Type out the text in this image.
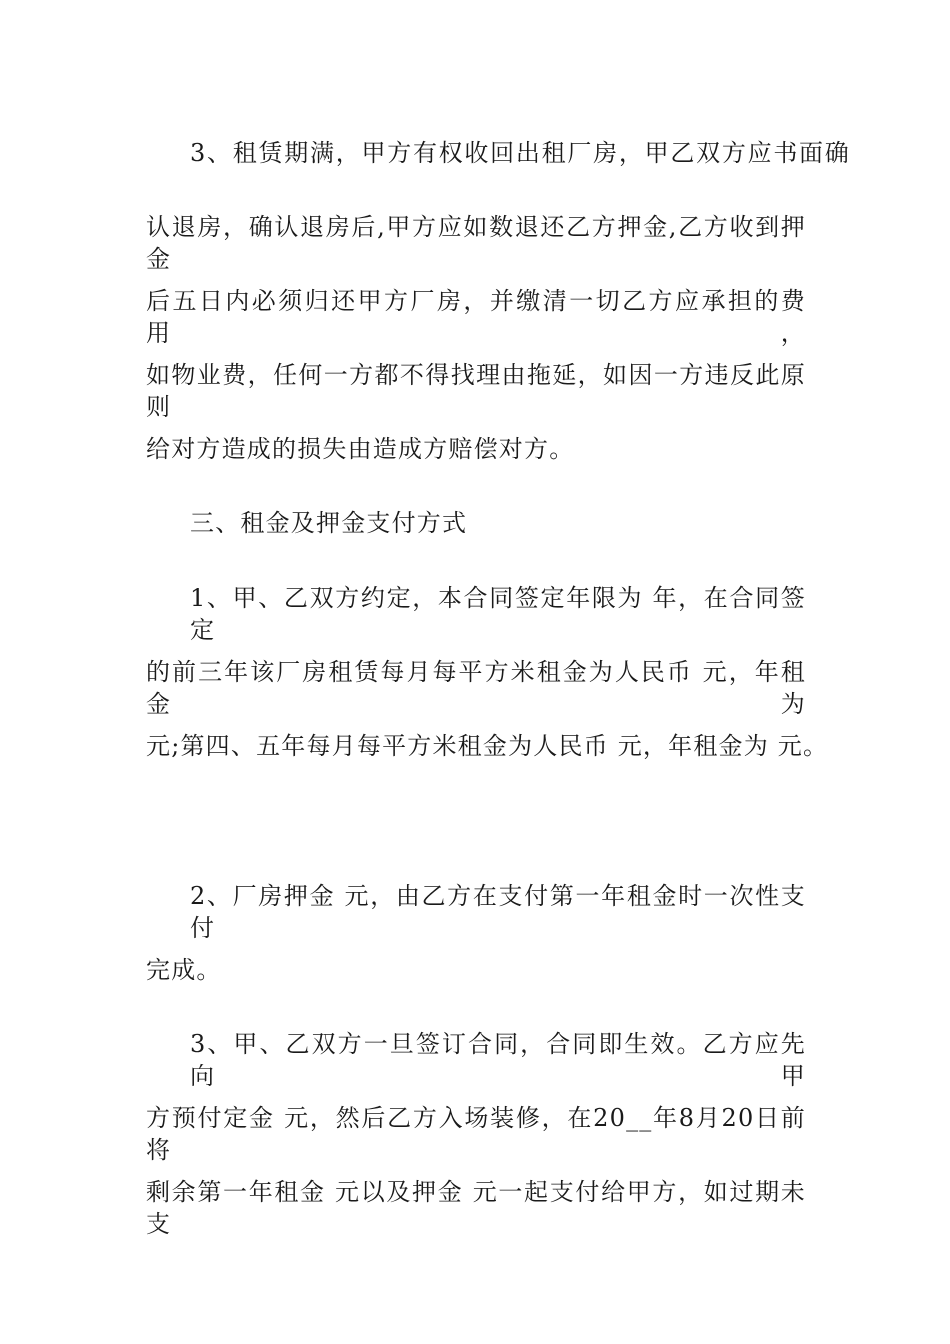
3、租赁期满，甲方有权收回出租厂房，甲乙双方应书面确
认退房，确认退房后,甲方应如数退还乙方押金,乙方收到押金
后五日内必须归还甲方厂房，并缴清一切乙方应承担的费用，
如物业费，任何一方都不得找理由拖延，如因一方违反此原则
给对方造成的损失由造成方赔偿对方。
三、租金及押金支付方式
1、甲、乙双方约定，本合同签定年限为 年，在合同签定
的前三年该厂房租赁每月每平方米租金为人民币 元，年租金为
元;第四、五年每月每平方米租金为人民币 元，年租金为 元。
2、厂房押金 元，由乙方在支付第一年租金时一次性支付
完成。
3、甲、乙双方一旦签订合同，合同即生效。乙方应先向甲
方预付定金 元，然后乙方入场装修，在20__年8月20日前将
剩余第一年租金 元以及押金 元一起支付给甲方，如过期未支
